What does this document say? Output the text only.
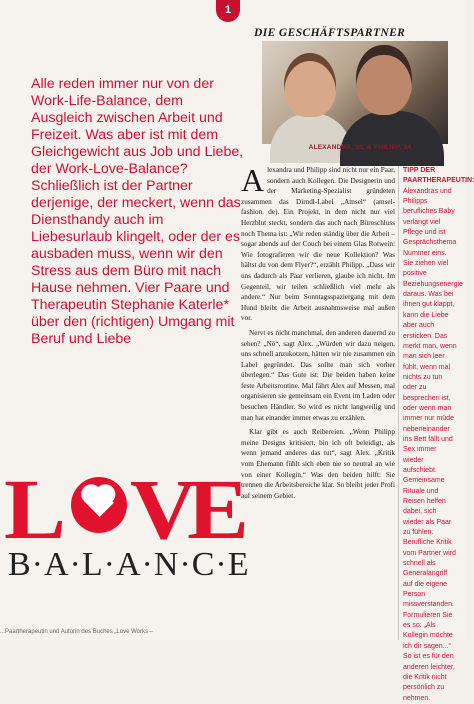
1
DIE GESCHÄFTSPARTNER
ALEXANDRA, 30, & PHILIPP, 34
Alle reden immer nur von der Work-Life-Balance, dem Ausgleich zwischen Arbeit und Freizeit. Was aber ist mit dem Gleichgewicht aus Job und Liebe, der Work-Love-Balance? Schließlich ist der Partner derjenige, der meckert, wenn das Diensthandy auch im Liebesurlaub klingelt, oder der es ausbaden muss, wenn wir den Stress aus dem Büro mit nach Hause nehmen. Vier Paare und Therapeutin Stephanie Katerle* über den (richtigen) Umgang mit Beruf und Liebe
L V
E
B·A·L·A·N·C·E

Alexandra und Philipp sind nicht nur ein Paar, sondern auch Kollegen. Die Designerin und der Marketing-Spezialist gründeten zusammen das Dirndl-Label „Amsel“ (amsel-fashion. de). Ein Projekt, in dem nicht nur viel Herzblut steckt, sondern das auch nach Büroschluss noch Thema ist: „Wir reden ständig über die Arbeit – sogar abends auf der Couch bei einem Glas Rotwein: Wie fotografieren wir die neue Kollektion? Was hältst du von dem Flyer?“, erzählt Philipp. „Dass wir uns dadurch als Paar verlieren, glaube ich nicht. Im Gegenteil, wir teilen schließlich viel mehr als andere.“ Nur beim Sonntagsspaziergang mit dem Hund bleibt die Arbeit ausnahmsweise mal außen vor.

Nervt es nicht manchmal, den anderen dauernd zu sehen? „Nö“, sagt Alex. „Würden wir dazu neigen, uns schnell anzukotzen, hätten wir nie zusammen ein Label gegründet. Das sollte man sich vorher überlegen.“ Das Gute ist: Die beiden haben keine feste Arbeitsroutine. Mal fährt Alex auf Messen, mal organisieren sie gemeinsam ein Event im Laden oder besuchen Händler. So wird es nicht langweilig und man hat einander immer etwas zu erzählen.

Klar gibt es auch Reibereien. „Wenn Philipp meine Designs kritisiert, bin ich oft beleidigt, als wenn jemand anderes das tut“, sagt Alex. „Kritik vom Ehemann fühlt sich eben nie so neutral an wie von einer Kollegin.“ Was den beiden hilft: Sie trennen die Arbeitsbereiche klar. So bleibt jeder Profi auf seinem Gebiet.

TIPP DER PAARTHERAPEUTIN:
Alexandras und Philipps berufliches Baby verlangt viel Pflege und ist Gesprächsthema Nummer eins. Sie ziehen viel positive Beziehungsenergie daraus. Was bei ihnen gut klappt, kann die Liebe aber auch ersticken. Das merkt man, wenn man sich leer fühlt, wenn mal nichts zu tun oder zu besprechen ist, oder wenn man immer nur müde nebeneinander ins Bett fällt und Sex immer wieder aufschiebt. Gemeinsame Rituale und Reisen helfen dabei, sich wieder als Paar zu fühlen. Berufliche Kritik vom Partner wird schnell als Generalangriff auf die eigene Person missverstanden. Formulieren Sie es so: „Als Kollegin möchte ich dir sagen...“ So ist es für den anderen leichter, die Kritik nicht persönlich zu nehmen.
...Paartherapeutin und Autorin des Buches „Love Works –
